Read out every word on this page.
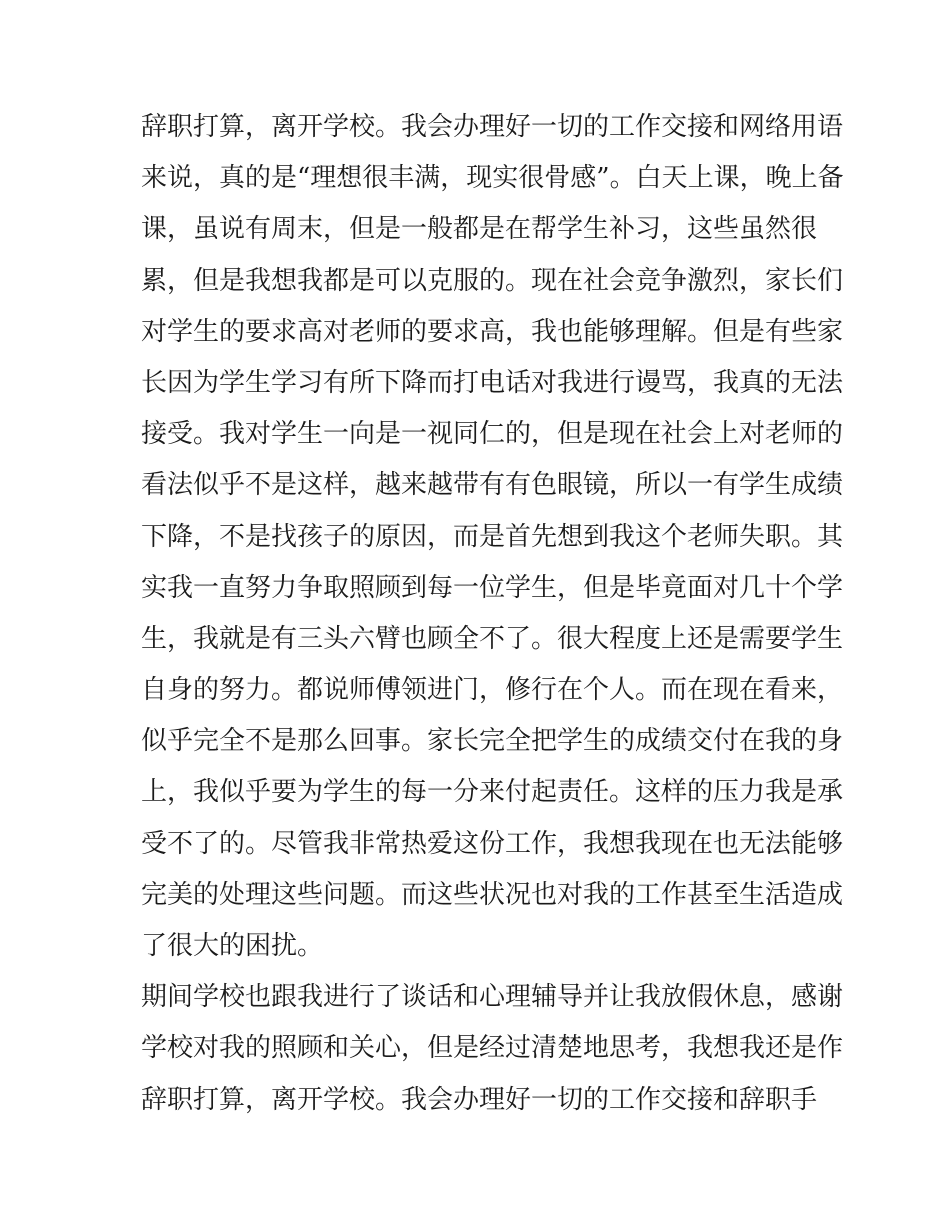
辞职打算，离开学校。我会办理好一切的工作交接和网络用语
来说，真的是“理想很丰满，现实很骨感”。白天上课，晚上备
课，虽说有周末，但是一般都是在帮学生补习，这些虽然很
累，但是我想我都是可以克服的。现在社会竞争激烈，家长们
对学生的要求高对老师的要求高，我也能够理解。但是有些家
长因为学生学习有所下降而打电话对我进行谩骂，我真的无法
接受。我对学生一向是一视同仁的，但是现在社会上对老师的
看法似乎不是这样，越来越带有有色眼镜，所以一有学生成绩
下降，不是找孩子的原因，而是首先想到我这个老师失职。其
实我一直努力争取照顾到每一位学生，但是毕竟面对几十个学
生，我就是有三头六臂也顾全不了。很大程度上还是需要学生
自身的努力。都说师傅领进门，修行在个人。而在现在看来，
似乎完全不是那么回事。家长完全把学生的成绩交付在我的身
上，我似乎要为学生的每一分来付起责任。这样的压力我是承
受不了的。尽管我非常热爱这份工作，我想我现在也无法能够
完美的处理这些问题。而这些状况也对我的工作甚至生活造成
了很大的困扰。
期间学校也跟我进行了谈话和心理辅导并让我放假休息，感谢
学校对我的照顾和关心，但是经过清楚地思考，我想我还是作
辞职打算，离开学校。我会办理好一切的工作交接和辞职手
